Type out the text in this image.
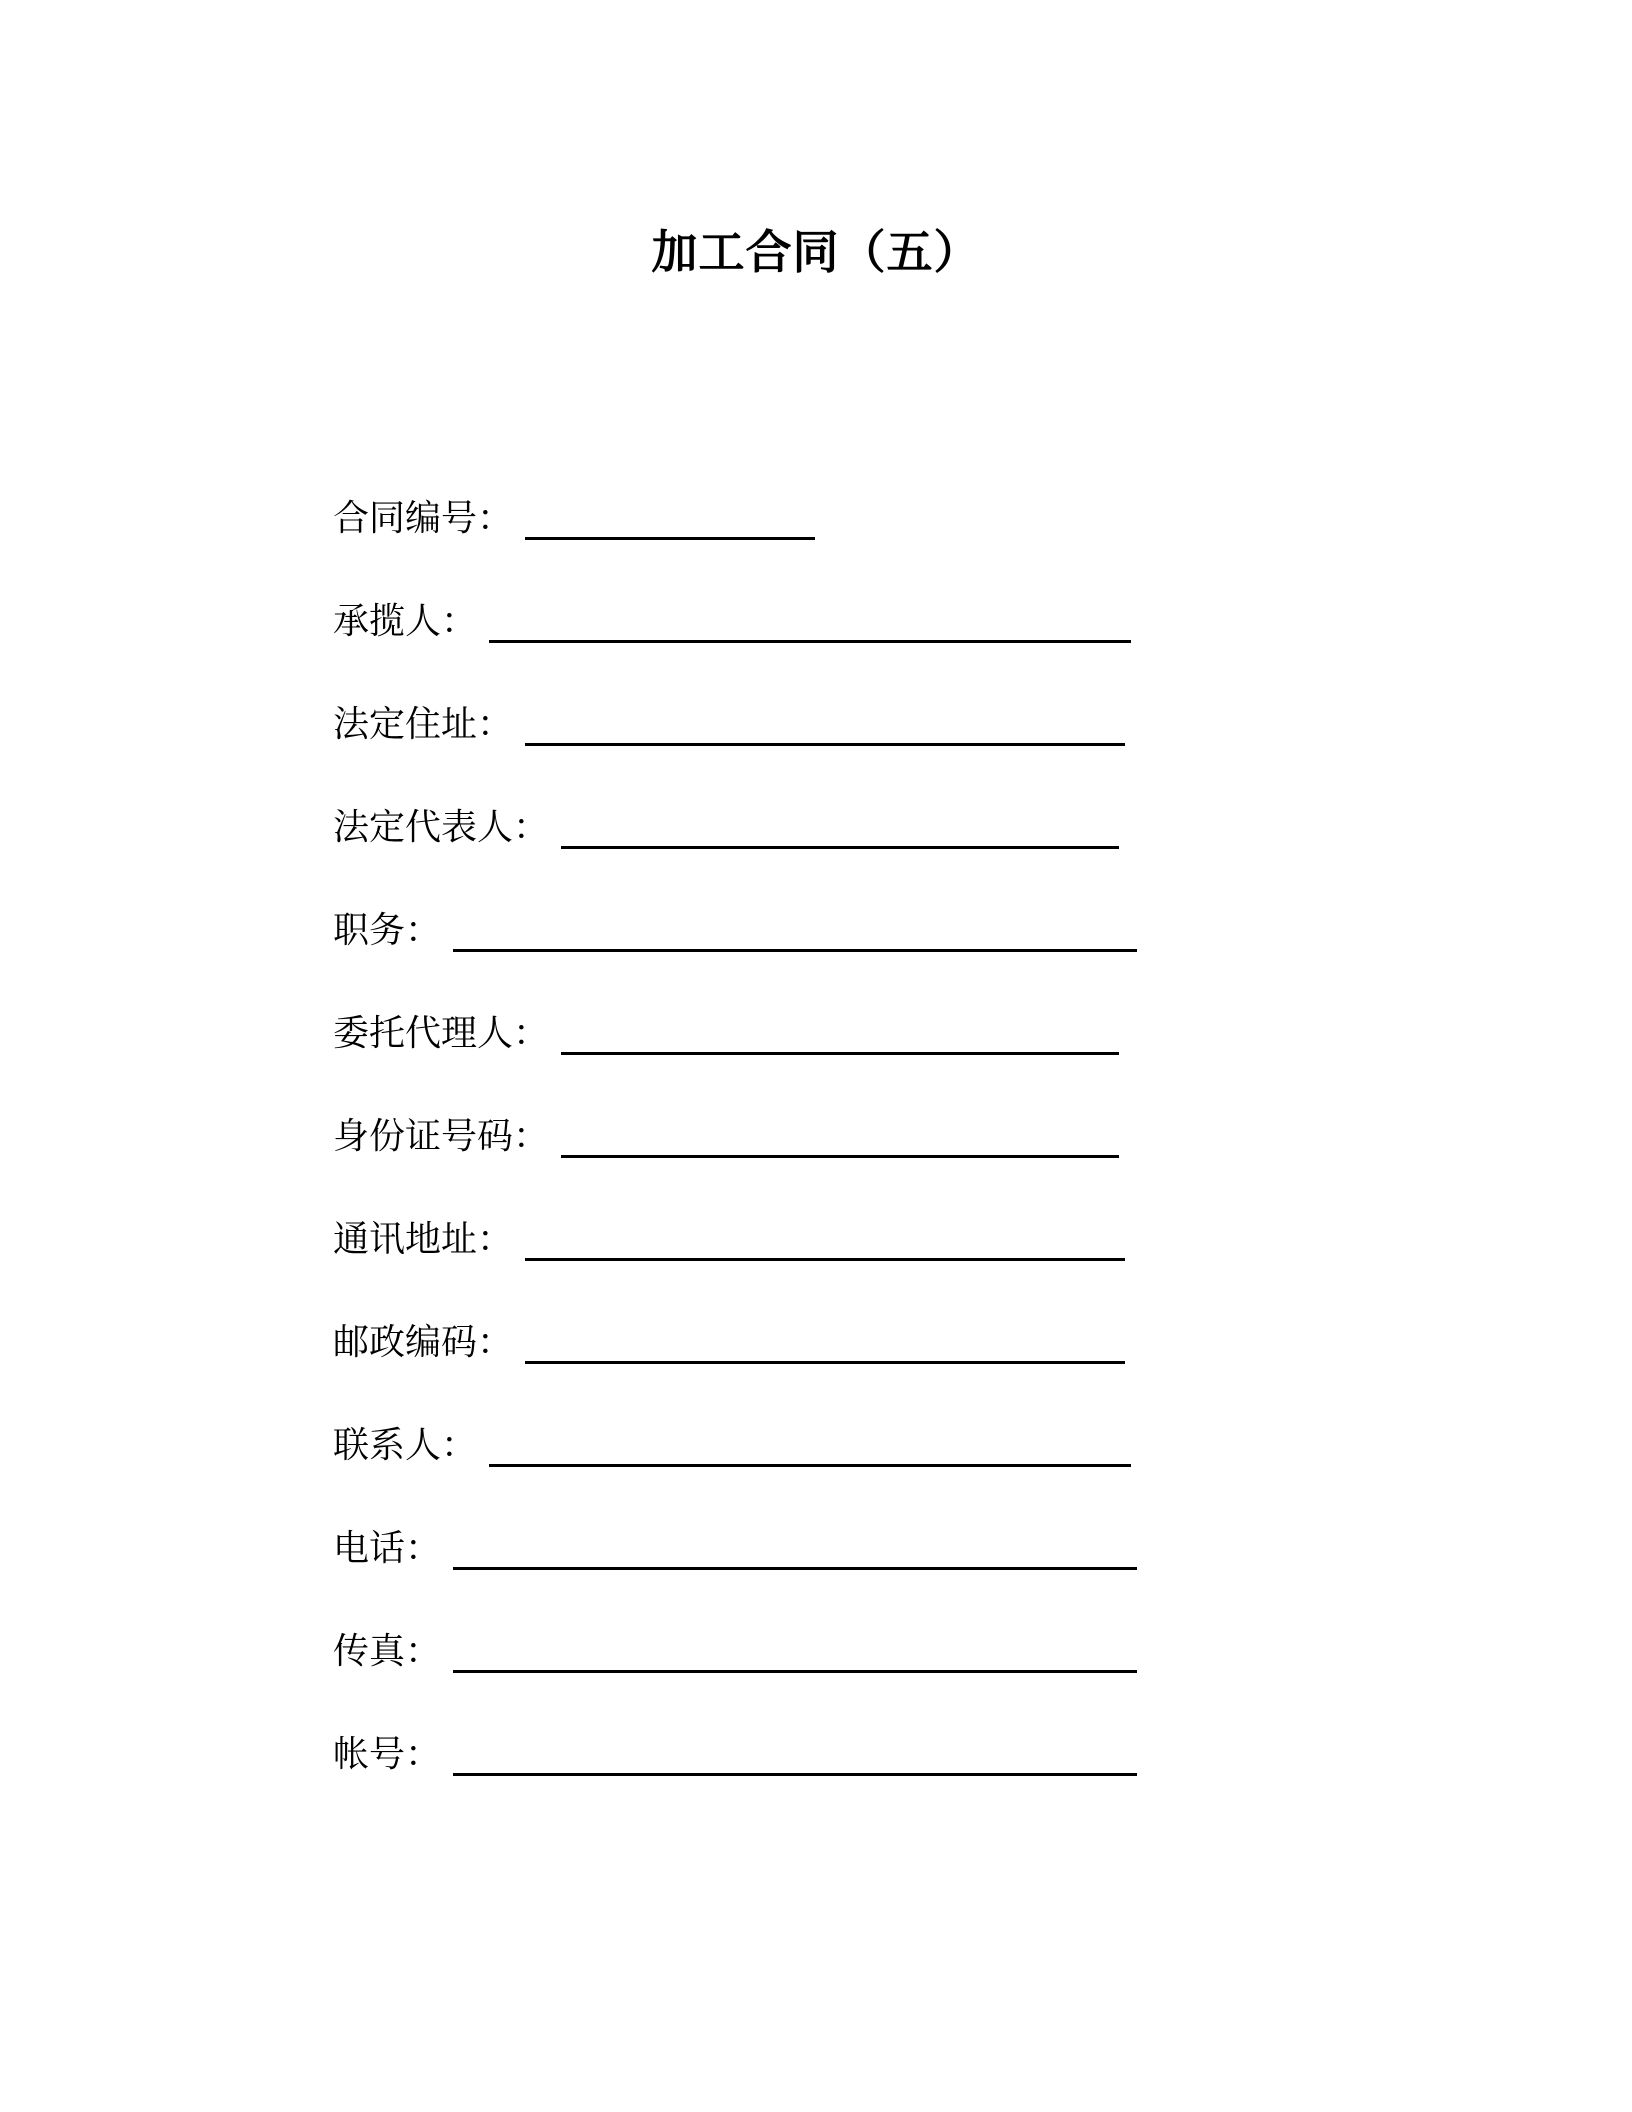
加工合同（五）
合同编号 ：
承揽人 ：
法定住址 ：
法定代表人 ：
职务 ：
委托代理人 ：
身份证号码 ：
通讯地址 ：
邮政编码 ：
联系人 ：
电话 ：
传真 ：
帐号 ：
